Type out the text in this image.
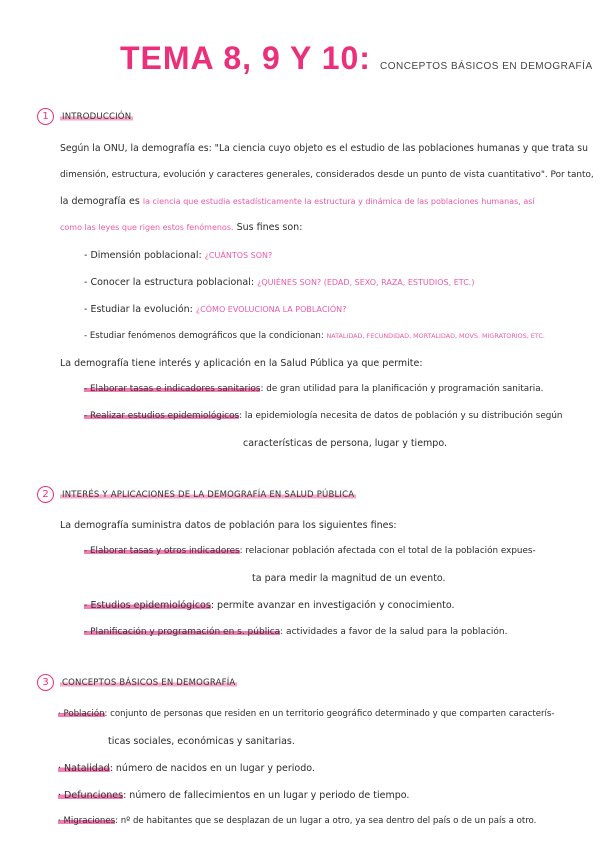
TEMA 8, 9 Y 10: CONCEPTOS BÁSICOS EN DEMOGRAFÍA
1 INTRODUCCIÓN
Según la ONU, la demografía es: "La ciencia cuyo objeto es el estudio de las poblaciones humanas y que trata su
dimensión, estructura, evolución y caracteres generales, considerados desde un punto de vista cuantitativo". Por tanto,
la demografía es la ciencia que estudia estadísticamente la estructura y dinámica de las poblaciones humanas, así
como las leyes que rigen estos fenómenos. Sus fines son:
- Dimensión poblacional: ¿CUÁNTOS SON?
- Conocer la estructura poblacional: ¿QUIÉNES SON? (EDAD, SEXO, RAZA, ESTUDIOS, ETC.)
- Estudiar la evolución: ¿CÓMO EVOLUCIONA LA POBLACIÓN?
- Estudiar fenómenos demográficos que la condicionan: NATALIDAD, FECUNDIDAD, MORTALIDAD, MOVS. MIGRATORIOS, ETC.
La demografía tiene interés y aplicación en la Salud Pública ya que permite:
- Elaborar tasas e indicadores sanitarios: de gran utilidad para la planificación y programación sanitaria.
- Realizar estudios epidemiológicos: la epidemiología necesita de datos de población y su distribución según
características de persona, lugar y tiempo.
2 INTERÉS Y APLICACIONES DE LA DEMOGRAFÍA EN SALUD PÚBLICA
La demografía suministra datos de población para los siguientes fines:
- Elaborar tasas y otros indicadores: relacionar población afectada con el total de la población expues-
ta para medir la magnitud de un evento.
- Estudios epidemiológicos: permite avanzar en investigación y conocimiento.
- Planificación y programación en s. pública: actividades a favor de la salud para la población.
3 CONCEPTOS BÁSICOS EN DEMOGRAFÍA
· Población: conjunto de personas que residen en un territorio geográfico determinado y que comparten caracterís-
ticas sociales, económicas y sanitarias.
· Natalidad: número de nacidos en un lugar y periodo.
· Defunciones: número de fallecimientos en un lugar y periodo de tiempo.
· Migraciones: nº de habitantes que se desplazan de un lugar a otro, ya sea dentro del país o de un país a otro.
